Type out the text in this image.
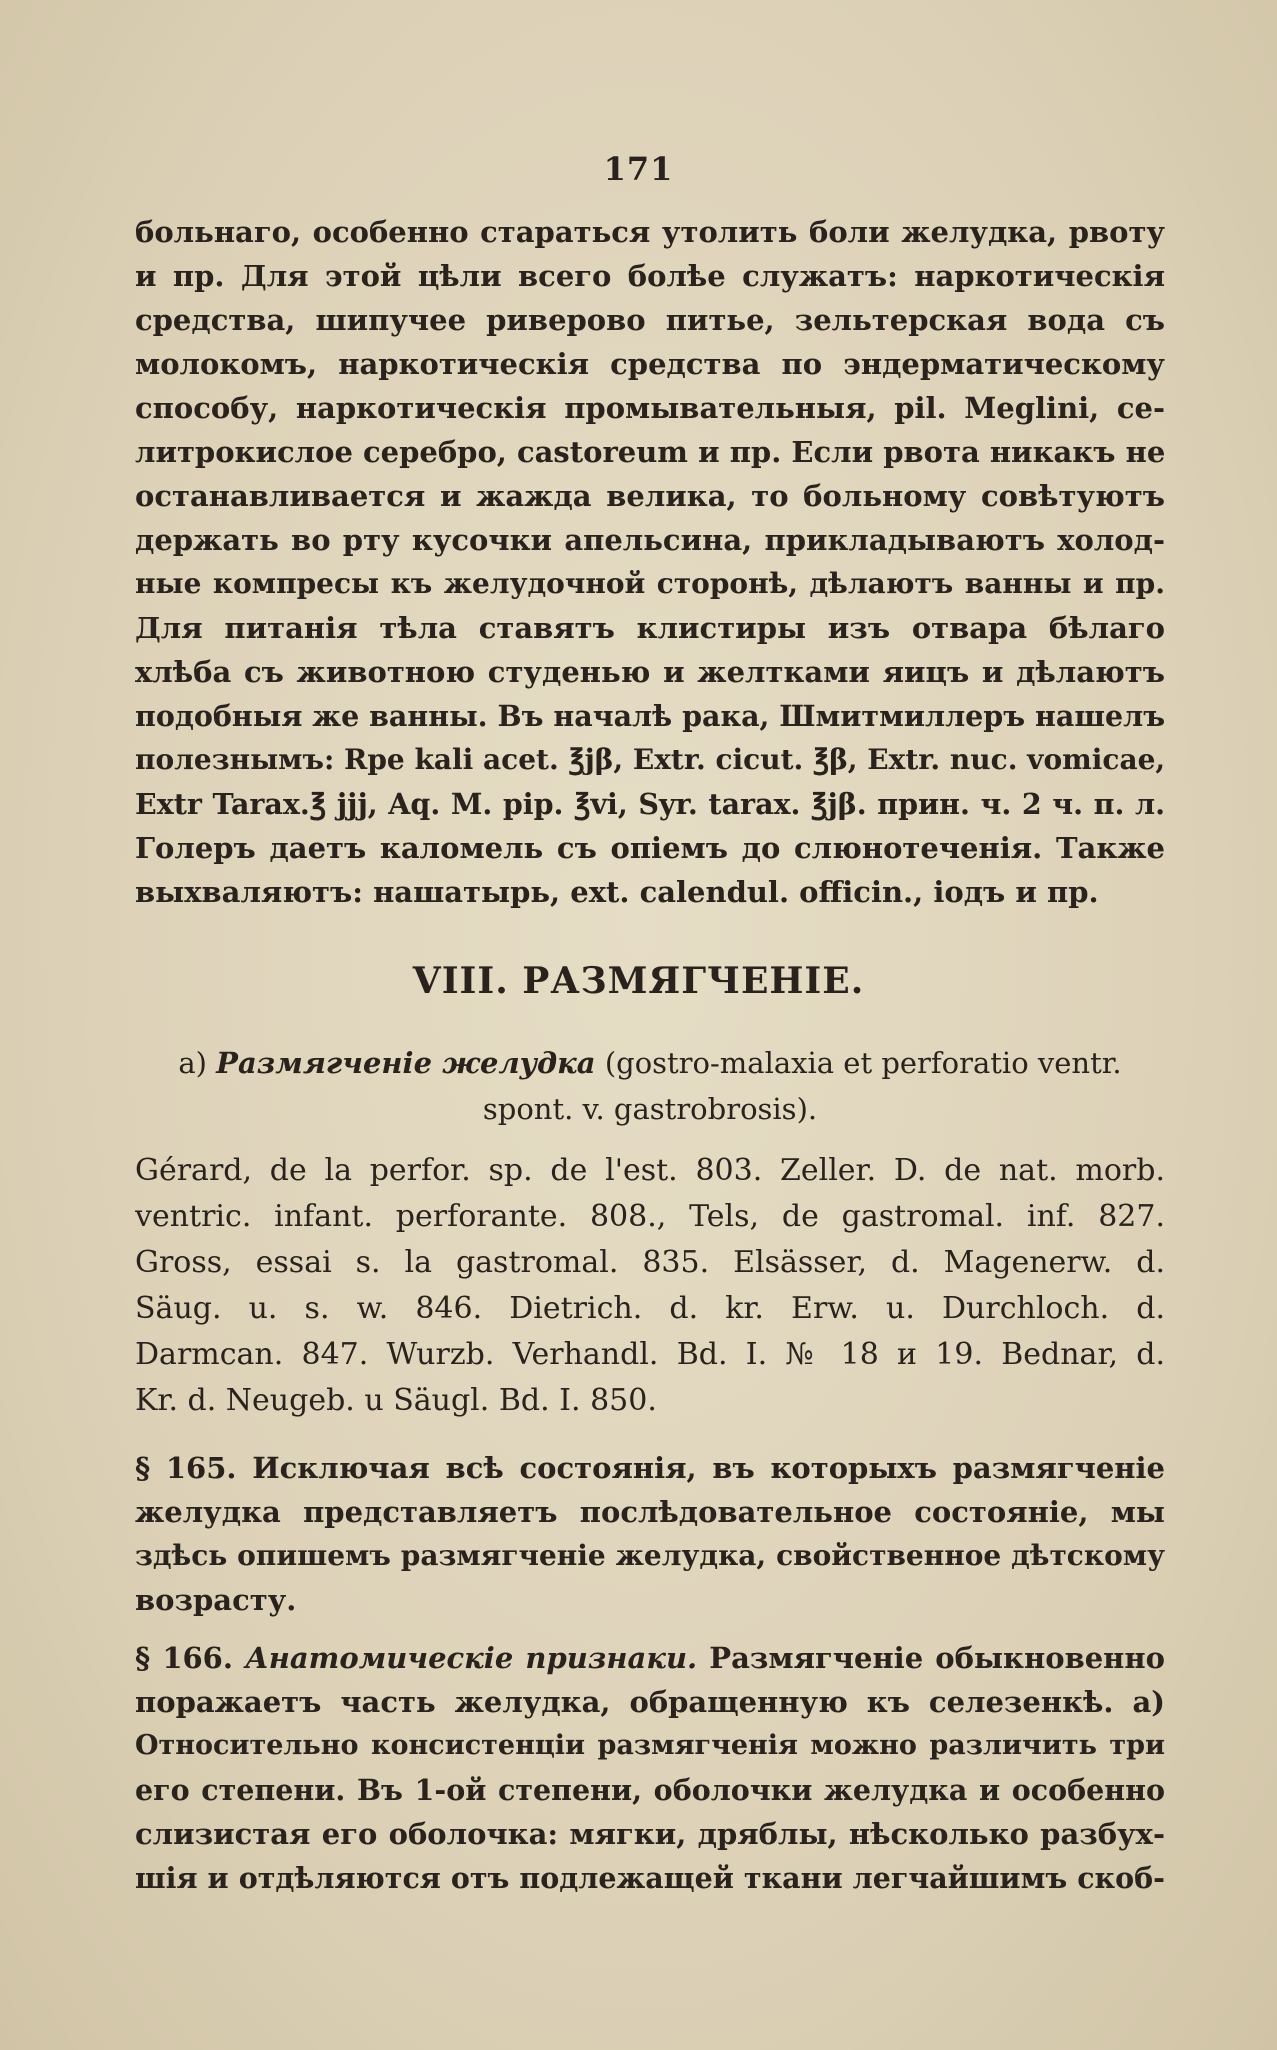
171
больнаго, особенно стараться утолить боли желудка, рвоту
и пр. Для этой цѣли всего болѣе служатъ: наркотическія
средства, шипучее риверово питье, зельтерская вода съ
молокомъ, наркотическія средства по эндерматическому
способу, наркотическія промывательныя, pil. Meglini, се-
литрокислое серебро, castoreum и пр. Если рвота никакъ не
останавливается и жажда велика, то больному совѣтуютъ
держать во рту кусочки апельсина, прикладываютъ холод-
ные компресы къ желудочной сторонѣ, дѣлаютъ ванны и пр.
Для питанія тѣла ставятъ клистиры изъ отвара бѣлаго
хлѣба съ животною студенью и желтками яицъ и дѣлаютъ
подобныя же ванны. Въ началѣ рака, Шмитмиллеръ нашелъ
полезнымъ: Rpe kali acet. ℥jβ, Extr. cicut. ℥β, Extr. nuc. vomicae,
Extr Tarax.℥ jjj, Aq. M. pip. ℥vi, Syr. tarax. ℥jβ. прин. ч. 2 ч. п. л.
Голеръ даетъ каломель съ опіемъ до слюнотеченія. Также
выхваляютъ: нашатырь, ext. calendul. officin., іодъ и пр.
VIII. РАЗМЯГЧЕНІЕ.
а) Размягченіе желудка (gostro-malaxia et perforatio ventr.
spont. v. gastrobrosis).
Gérard, de la perfor. sp. de l'est. 803. Zeller. D. de nat. morb.
ventric. infant. perforante. 808., Tels, de gastromal. inf. 827.
Gross, essai s. la gastromal. 835. Elsässer, d. Magenerw. d.
Säug. u. s. w. 846. Dietrich. d. kr. Erw. u. Durchloch. d.
Darmcan. 847. Wurzb. Verhandl. Bd. I. № 18 и 19. Bednar, d.
Kr. d. Neugeb. u Säugl. Bd. I. 850.
§ 165. Исключая всѣ состоянія, въ которыхъ размягченіе
желудка представляетъ послѣдовательное состояніе, мы
здѣсь опишемъ размягченіе желудка, свойственное дѣтскому
возрасту.
§ 166. Анатомическіе признаки. Размягченіе обыкновенно
поражаетъ часть желудка, обращенную къ селезенкѣ. а)
Относительно консистенціи размягченія можно различить три
его степени. Въ 1-ой степени, оболочки желудка и особенно
слизистая его оболочка: мягки, дряблы, нѣсколько разбух-
шія и отдѣляются отъ подлежащей ткани легчайшимъ скоб-
